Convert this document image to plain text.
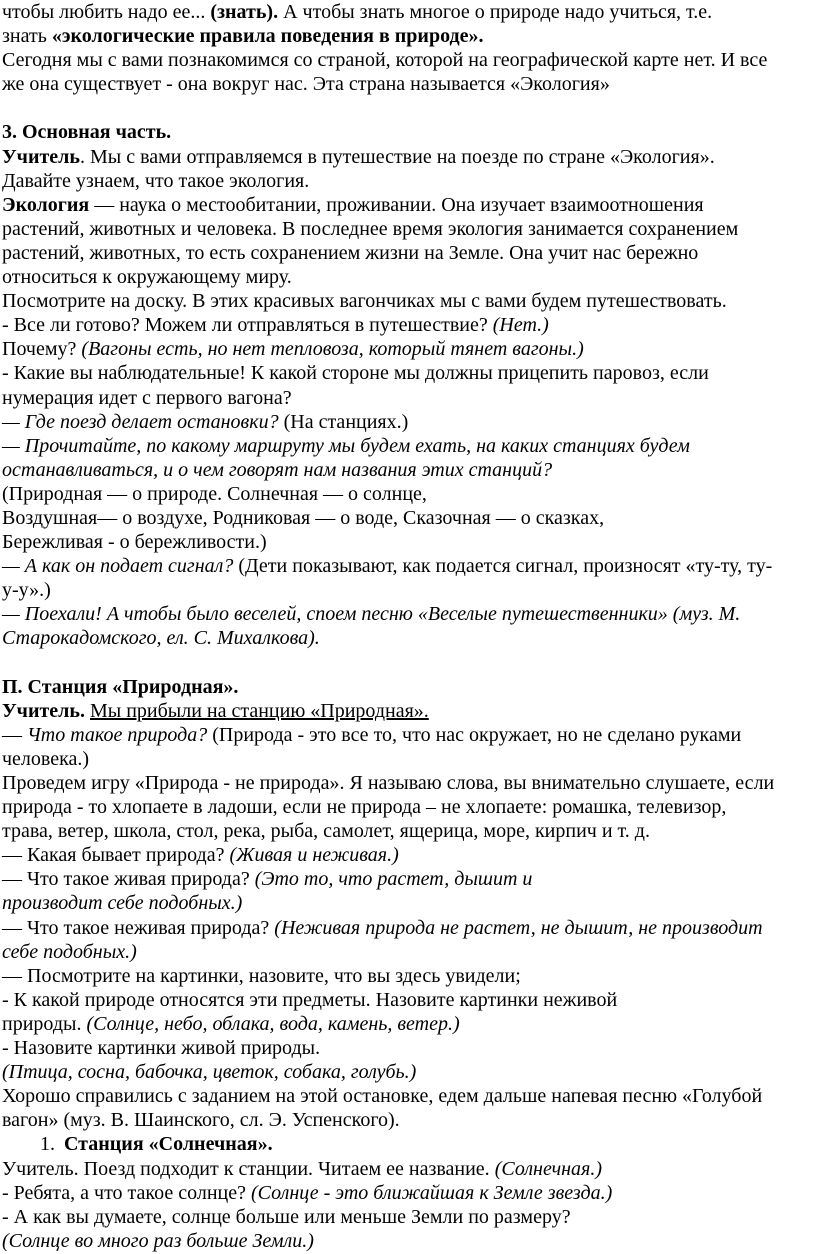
чтобы любить надо ее... (знать). А чтобы знать многое о природе надо учиться, т.е.
знать «экологические правила поведения в природе».
Сегодня мы с вами познакомимся со страной, которой на географической карте нет. И все
же она существует - она вокруг нас. Эта страна называется «Экология»
3. Основная часть.
Учитель. Мы с вами отправляемся в путешествие на поезде по стране «Экология».
Давайте узнаем, что такое экология.
Экология — наука о местообитании, проживании. Она изучает взаимоотношения
растений, животных и человека. В последнее время экология занимается сохранением
растений, животных, то есть сохранением жизни на Земле. Она учит нас бережно
относиться к окружающему миру.
Посмотрите на доску. В этих красивых вагончиках мы с вами будем путешествовать.
- Все ли готово? Можем ли отправляться в путешествие? (Нет.)
Почему? (Вагоны есть, но нет тепловоза, который тянет вагоны.)
- Какие вы наблюдательные! К какой стороне мы должны прицепить паровоз, если
нумерация идет с первого вагона?
— Где поезд делает остановки? (На станциях.)
— Прочитайте, по какому маршруту мы будем ехать, на каких станциях будем
останавливаться, и о чем говорят нам названия этих станций?
(Природная — о природе. Солнечная — о солнце,
Воздушная— о воздухе, Родниковая — о воде, Сказочная — о сказках,
Бережливая - о бережливости.)
— А как он подает сигнал? (Дети показывают, как подается сигнал, произносят «ту-ту, ту-
у-у».)
— Поехали! А чтобы было веселей, споем песню «Веселые путешественники» (муз. М.
Старокадомского, ел. С. Михалкова).
П. Станция «Природная».
Учитель. Мы прибыли на станцию «Природная».
— Что такое природа? (Природа - это все то, что нас окружает, но не сделано руками
человека.)
Проведем игру «Природа - не природа». Я называю слова, вы внимательно слушаете, если
природа - то хлопаете в ладоши, если не природа – не хлопаете: ромашка, телевизор,
трава, ветер, школа, стол, река, рыба, самолет, ящерица, море, кирпич и т. д.
— Какая бывает природа? (Живая и неживая.)
— Что такое живая природа? (Это то, что растет, дышит и
производит себе подобных.)
— Что такое неживая природа? (Неживая природа не растет, не дышит, не производит
себе подобных.)
— Посмотрите на картинки, назовите, что вы здесь увидели;
- К какой природе относятся эти предметы. Назовите картинки неживой
природы. (Солнце, небо, облака, вода, камень, ветер.)
- Назовите картинки живой природы.
(Птица, сосна, бабочка, цветок, собака, голубь.)
Хорошо справились с заданием на этой остановке, едем дальше напевая песню «Голубой
вагон» (муз. В. Шаинского, сл. Э. Успенского).
1. Станция «Солнечная».
Учитель. Поезд подходит к станции. Читаем ее название. (Солнечная.)
- Ребята, а что такое солнце? (Солнце - это ближайшая к Земле звезда.)
- А как вы думаете, солнце больше или меньше Земли по размеру?
(Солнце во много раз больше Земли.)
